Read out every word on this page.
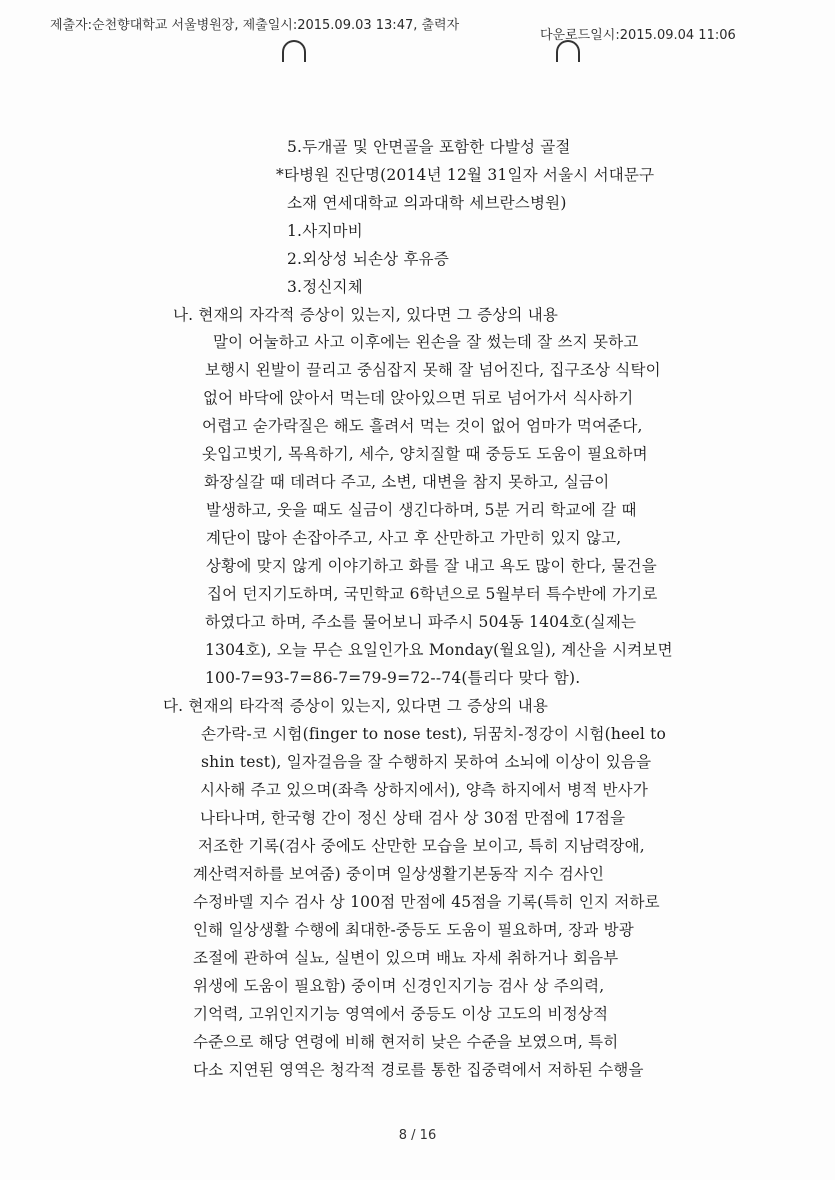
제출자:순천향대학교 서울병원장, 제출일시:2015.09.03 13:47, 출력자
다운로드일시:2015.09.04 11:06
5.두개골 및 안면골을 포함한 다발성 골절
*타병원 진단명(2014년 12월 31일자 서울시 서대문구
소재 연세대학교 의과대학 세브란스병원)
1.사지마비
2.외상성 뇌손상 후유증
3.정신지체
나. 현재의 자각적 증상이 있는지, 있다면 그 증상의 내용
말이 어눌하고 사고 이후에는 왼손을 잘 썼는데 잘 쓰지 못하고
보행시 왼발이 끌리고 중심잡지 못해 잘 넘어진다, 집구조상 식탁이
없어 바닥에 앉아서 먹는데 앉아있으면 뒤로 넘어가서 식사하기
어렵고 숟가락질은 해도 흘려서 먹는 것이 없어 엄마가 먹여준다,
옷입고벗기, 목욕하기, 세수, 양치질할 때 중등도 도움이 필요하며
화장실갈 때 데려다 주고, 소변, 대변을 참지 못하고, 실금이
발생하고, 웃을 때도 실금이 생긴다하며, 5분 거리 학교에 갈 때
계단이 많아 손잡아주고, 사고 후 산만하고 가만히 있지 않고,
상황에 맞지 않게 이야기하고 화를 잘 내고 욕도 많이 한다, 물건을
집어 던지기도하며, 국민학교 6학년으로 5월부터 특수반에 가기로
하였다고 하며, 주소를 물어보니 파주시 504동 1404호(실제는
1304호), 오늘 무슨 요일인가요 Monday(월요일), 계산을 시켜보면
100-7=93-7=86-7=79-9=72--74(틀리다 맞다 함).
다. 현재의 타각적 증상이 있는지, 있다면 그 증상의 내용
손가락-코 시험(finger to nose test), 뒤꿈치-정강이 시험(heel to
shin test), 일자걸음을 잘 수행하지 못하여 소뇌에 이상이 있음을
시사해 주고 있으며(좌측 상하지에서), 양측 하지에서 병적 반사가
나타나며, 한국형 간이 정신 상태 검사 상 30점 만점에 17점을
저조한 기록(검사 중에도 산만한 모습을 보이고, 특히 지남력장애,
계산력저하를 보여줌) 중이며 일상생활기본동작 지수 검사인
수정바델 지수 검사 상 100점 만점에 45점을 기록(특히 인지 저하로
인해 일상생활 수행에 최대한-중등도 도움이 필요하며, 장과 방광
조절에 관하여 실뇨, 실변이 있으며 배뇨 자세 취하거나 회음부
위생에 도움이 필요함) 중이며 신경인지기능 검사 상 주의력,
기억력, 고위인지기능 영역에서 중등도 이상 고도의 비정상적
수준으로 해당 연령에 비해 현저히 낮은 수준을 보였으며, 특히
다소 지연된 영역은 청각적 경로를 통한 집중력에서 저하된 수행을
8 / 16
